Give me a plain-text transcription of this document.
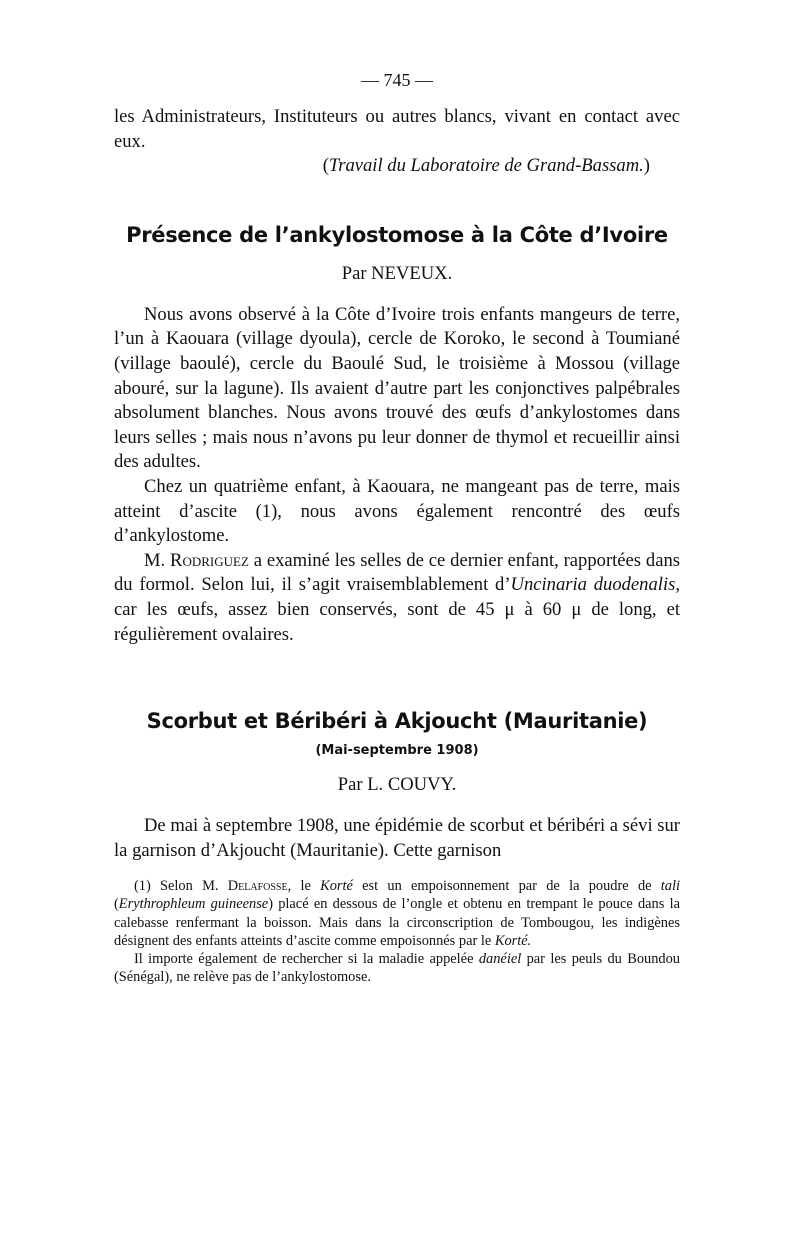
— 745 —

les Administrateurs, Instituteurs ou autres blancs, vivant en contact avec eux.

(Travail du Laboratoire de Grand-Bassam.)

Présence de l’ankylostomose à la Côte d’Ivoire
Par NEVEUX.

Nous avons observé à la Côte d’Ivoire trois enfants mangeurs de terre, l’un à Kaouara (village dyoula), cercle de Koroko, le second à Toumiané (village baoulé), cercle du Baoulé Sud, le troisième à Mossou (village abouré, sur la lagune). Ils avaient d’autre part les conjonctives palpébrales absolument blanches. Nous avons trouvé des œufs d’ankylostomes dans leurs selles ; mais nous n’avons pu leur donner de thymol et recueillir ainsi des adultes.

Chez un quatrième enfant, à Kaouara, ne mangeant pas de terre, mais atteint d’ascite (1), nous avons également rencontré des œufs d’ankylostome.

M. Rodriguez a examiné les selles de ce dernier enfant, rapportées dans du formol. Selon lui, il s’agit vraisemblablement d’Uncinaria duodenalis, car les œufs, assez bien conservés, sont de 45 μ à 60 μ de long, et régulièrement ovalaires.

Scorbut et Béribéri à Akjoucht (Mauritanie)
(Mai-septembre 1908)
Par L. COUVY.

De mai à septembre 1908, une épidémie de scorbut et béribéri a sévi sur la garnison d’Akjoucht (Mauritanie). Cette garnison

(1) Selon M. Delafosse, le Korté est un empoisonnement par de la poudre de tali (Erythrophleum guineense) placé en dessous de l’ongle et obtenu en trempant le pouce dans la calebasse renfermant la boisson. Mais dans la circonscription de Tombougou, les indigènes désignent des enfants atteints d’ascite comme empoisonnés par le Korté.

Il importe également de rechercher si la maladie appelée danéiel par les peuls du Boundou (Sénégal), ne relève pas de l’ankylostomose.
